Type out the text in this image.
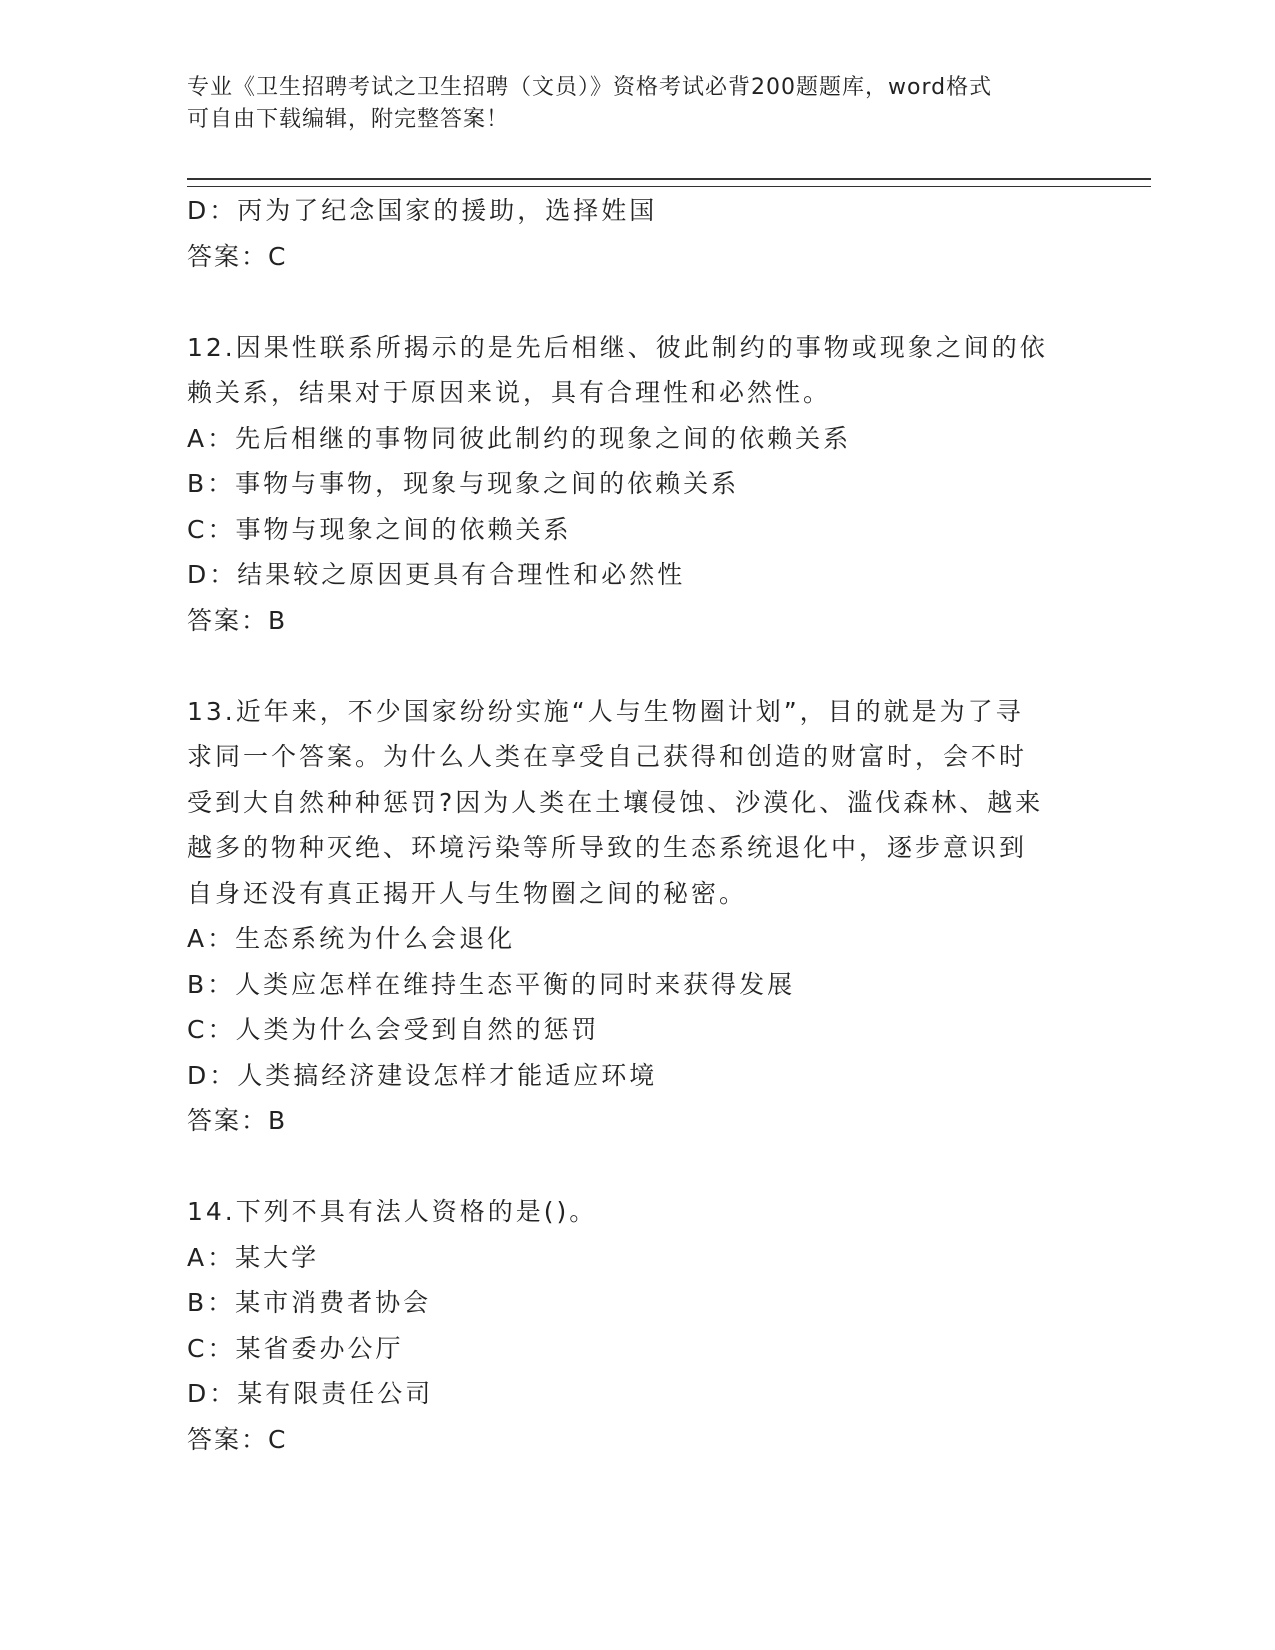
专业《卫生招聘考试之卫生招聘（文员）》资格考试必背200题题库，word格式
可自由下载编辑，附完整答案！
D：丙为了纪念国家的援助，选择姓国
答案：C
12.因果性联系所揭示的是先后相继、彼此制约的事物或现象之间的依
赖关系，结果对于原因来说，具有合理性和必然性。
A：先后相继的事物同彼此制约的现象之间的依赖关系
B：事物与事物，现象与现象之间的依赖关系
C：事物与现象之间的依赖关系
D：结果较之原因更具有合理性和必然性
答案：B
13.近年来，不少国家纷纷实施“人与生物圈计划”，目的就是为了寻
求同一个答案。为什么人类在享受自己获得和创造的财富时，会不时
受到大自然种种惩罚?因为人类在土壤侵蚀、沙漠化、滥伐森林、越来
越多的物种灭绝、环境污染等所导致的生态系统退化中，逐步意识到
自身还没有真正揭开人与生物圈之间的秘密。
A：生态系统为什么会退化
B：人类应怎样在维持生态平衡的同时来获得发展
C：人类为什么会受到自然的惩罚
D：人类搞经济建设怎样才能适应环境
答案：B
14.下列不具有法人资格的是()。
A：某大学
B：某市消费者协会
C：某省委办公厅
D：某有限责任公司
答案：C
